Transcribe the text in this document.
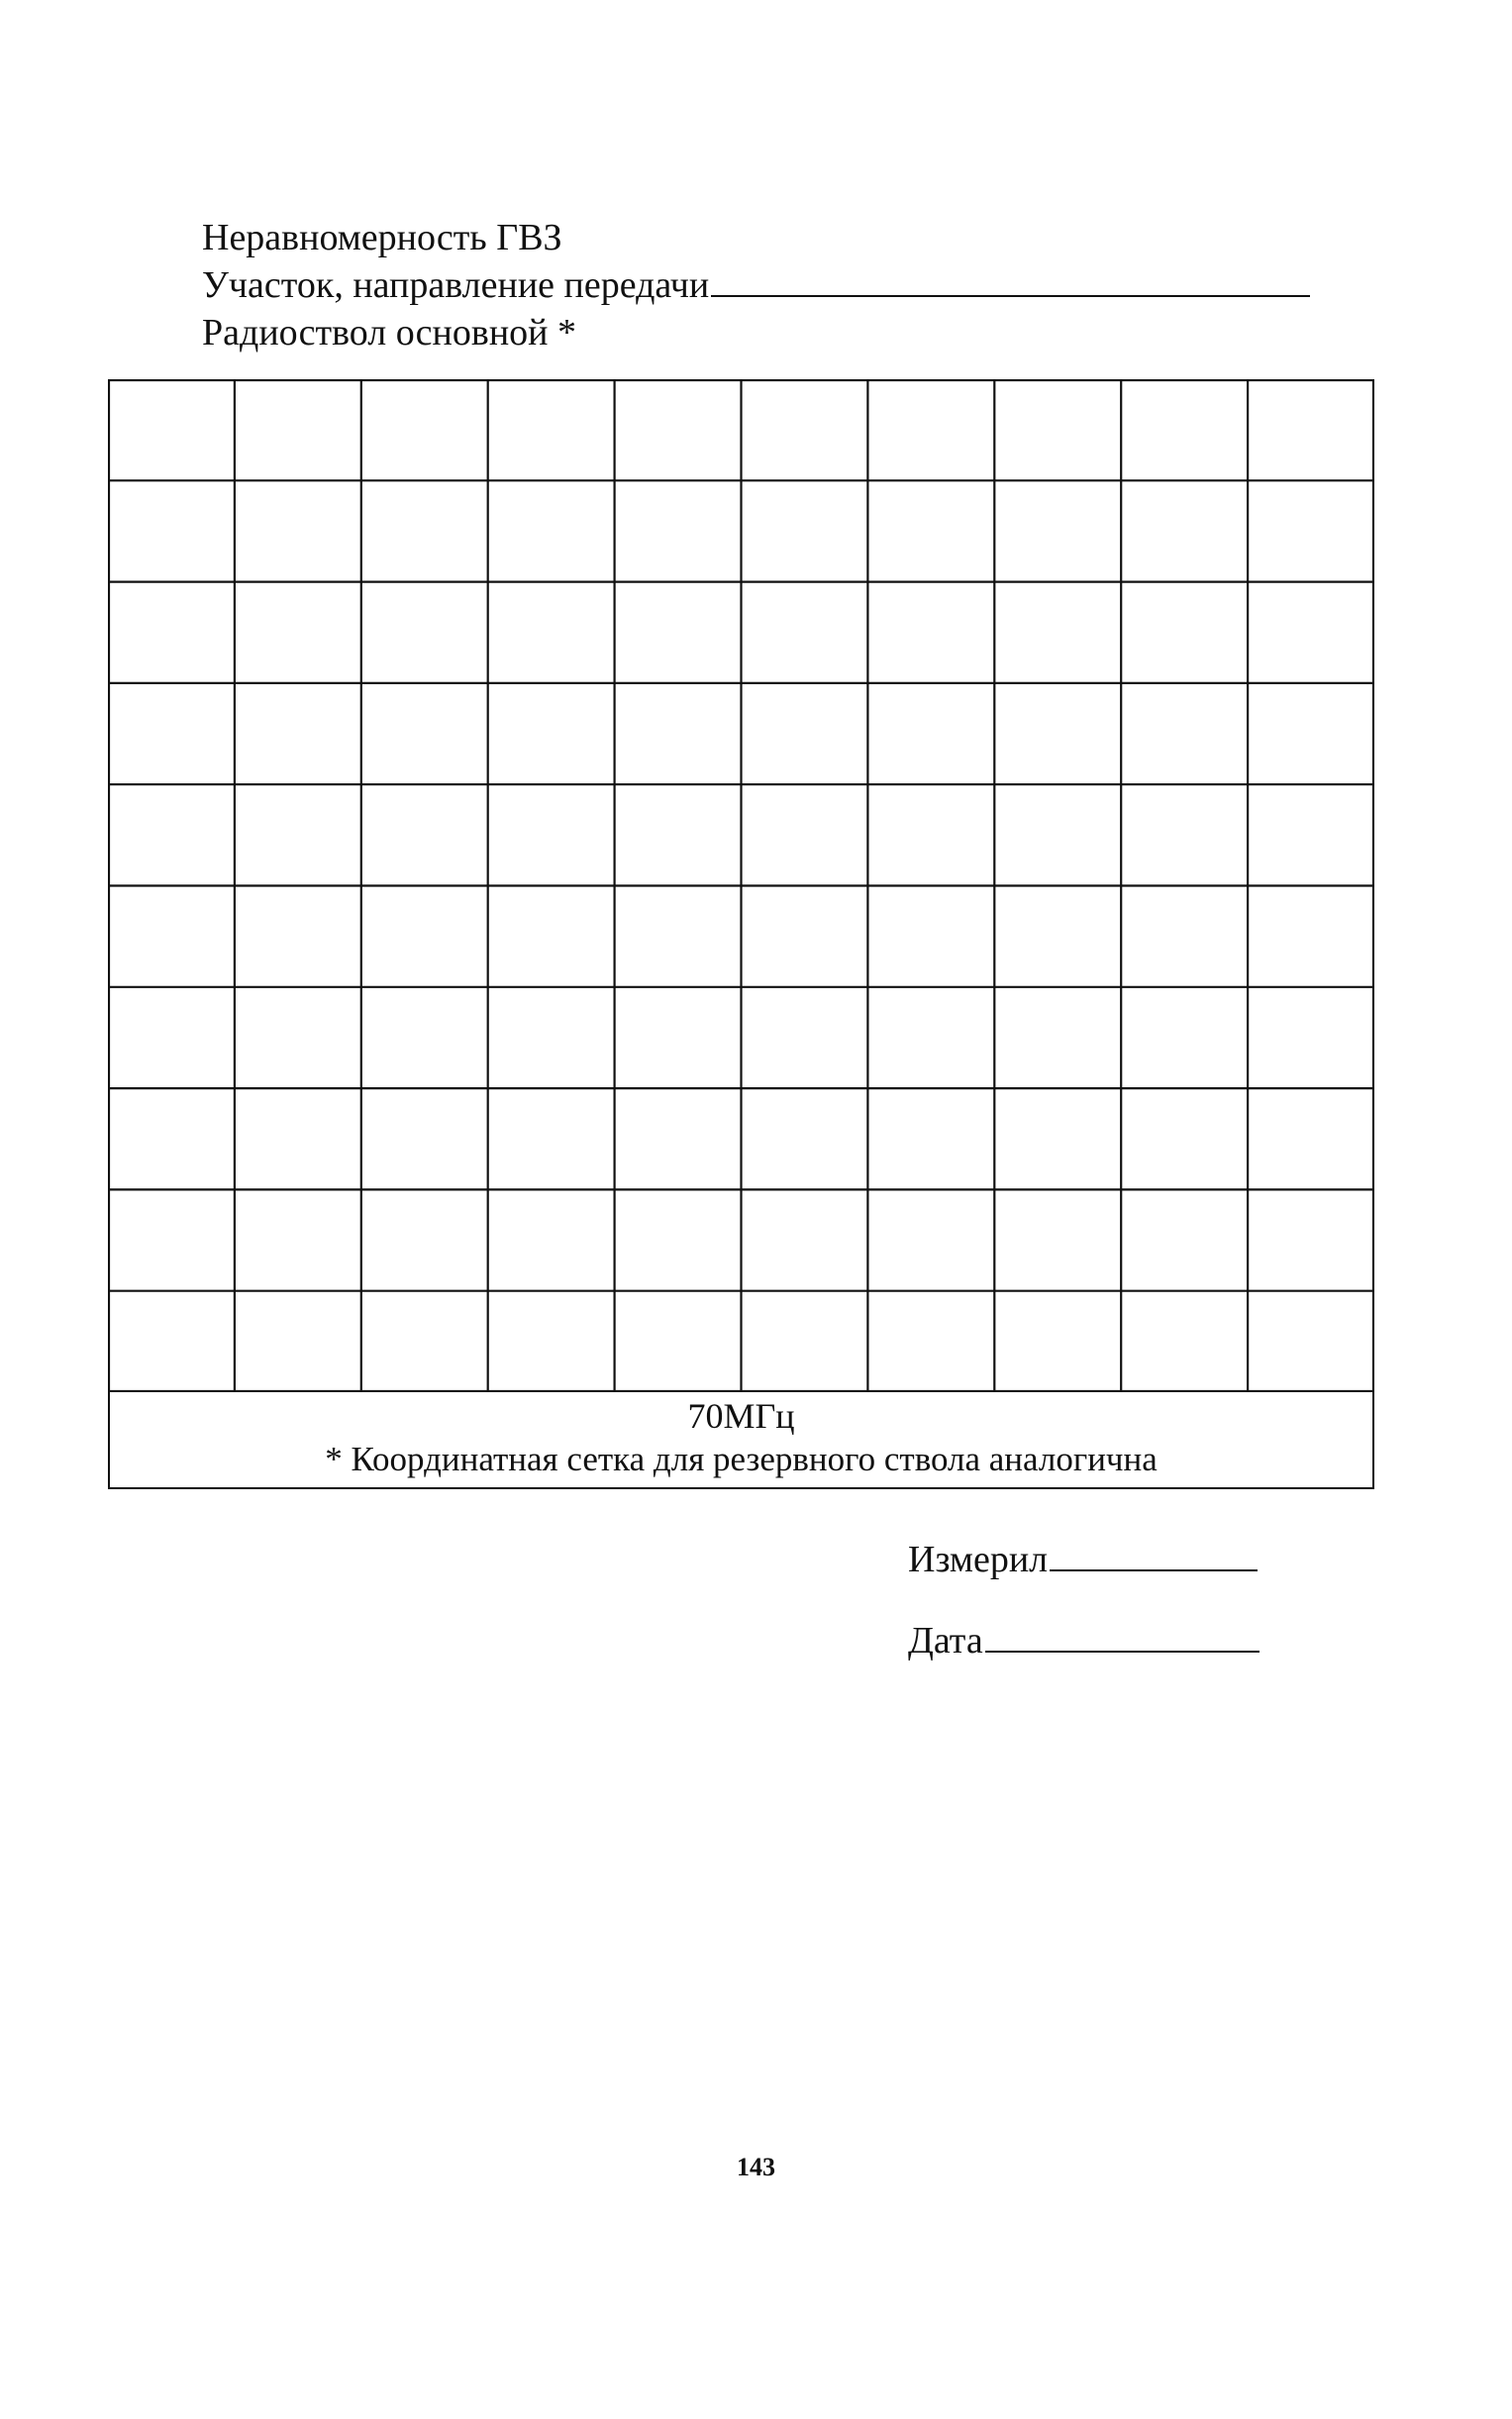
Неравномерность ГВЗ
Участок, направление передачи
Радиоствол основной *
70МГц
* Координатная сетка для резервного ствола аналогична
Измерил
Дата
143
